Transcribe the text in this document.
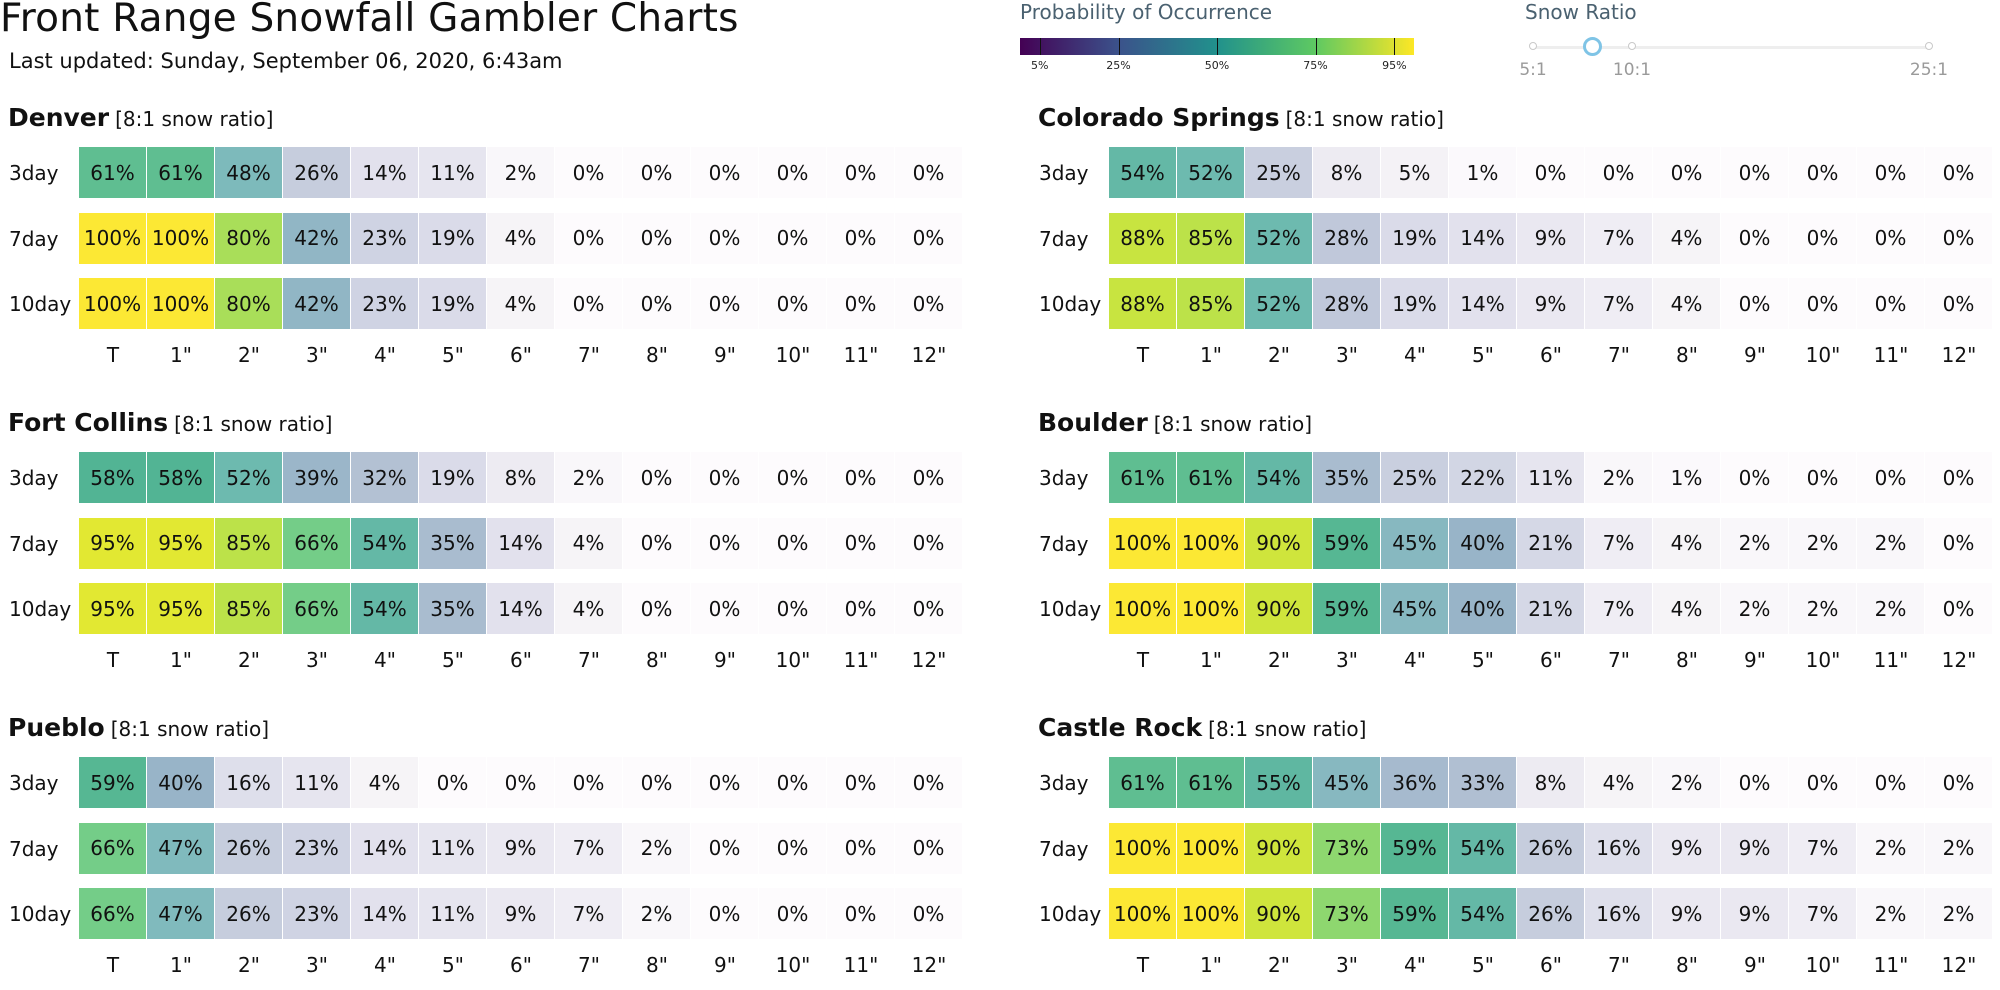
Front Range Snowfall Gambler Charts
Last updated: Sunday, September 06, 2020, 6:43am
Probability of Occurrence
5%	25%	50%	75%	95%
Snow Ratio
5:1	10:1	25:1
Denver [8:1 snow ratio]
3day	61%	61%	48%	26%	14%	11%	2%	0%	0%	0%	0%	0%	0%
7day 100% 100% 80%	42%	23%	19%	4%	0%	0%	0%	0%	0%	0%
10day 100% 100% 80%	42%	23%	19%	4%	0%	0%	0%	0%	0%	0%
T	1"	2"	3"	4"	5"	6"	7"	8"	9"	10"	11"	12"
Colorado Springs [8:1 snow ratio]
3day	54%	52%	25%	8%	5%	1%	0%	0%	0%	0%	0%	0%	0%
7day	88%	85%	52%	28%	19%	14%	9%	7%	4%	0%	0%	0%	0%
10day 88%	85%	52%	28%	19%	14%	9%	7%	4%	0%	0%	0%	0%
T	1"	2"	3"	4"	5"	6"	7"	8"	9"	10"	11"	12"
Fort Collins [8:1 snow ratio]
3day	58%	58%	52%	39%	32%	19%	8%	2%	0%	0%	0%	0%	0%
7day	95%	95%	85%	66%	54%	35%	14%	4%	0%	0%	0%	0%	0%
10day 95%	95%	85%	66%	54%	35%	14%	4%	0%	0%	0%	0%	0%
T	1"	2"	3"	4"	5"	6"	7"	8"	9"	10"	11"	12"
Boulder [8:1 snow ratio]
3day	61%	61%	54%	35%	25%	22%	11%	2%	1%	0%	0%	0%	0%
7day 100% 100% 90%	59%	45%	40%	21%	7%	4%	2%	2%	2%	0%
10day 100% 100% 90%	59%	45%	40%	21%	7%	4%	2%	2%	2%	0%
T	1"	2"	3"	4"	5"	6"	7"	8"	9"	10"	11"	12"
Pueblo [8:1 snow ratio]
3day	59%	40%	16%	11%	4%	0%	0%	0%	0%	0%	0%	0%	0%
7day	66%	47%	26%	23%	14%	11%	9%	7%	2%	0%	0%	0%	0%
10day 66%	47%	26%	23%	14%	11%	9%	7%	2%	0%	0%	0%	0%
T	1"	2"	3"	4"	5"	6"	7"	8"	9"	10"	11"	12"
Castle Rock [8:1 snow ratio]
3day	61%	61%	55%	45%	36%	33%	8%	4%	2%	0%	0%	0%	0%
7day 100% 100% 90%	73%	59%	54%	26%	16%	9%	9%	7%	2%	2%
10day 100% 100% 90%	73%	59%	54%	26%	16%	9%	9%	7%	2%	2%
T	1"	2"	3"	4"	5"	6"	7"	8"	9"	10"	11"	12"
